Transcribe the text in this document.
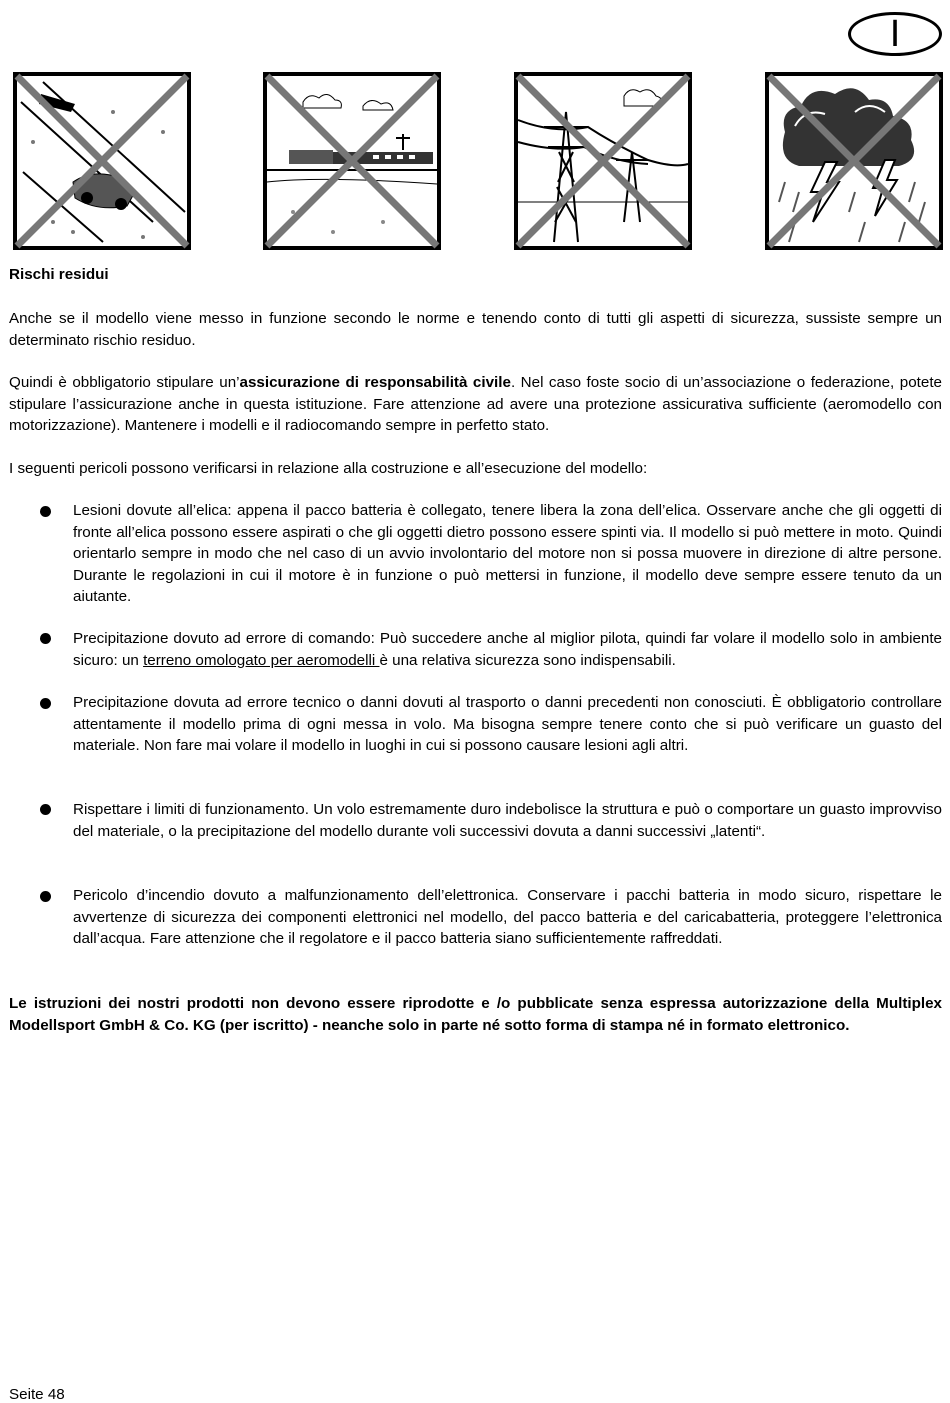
I
Rischi residui
Anche se il modello viene messo in funzione secondo le norme e tenendo conto di tutti gli aspetti di sicurezza, sussiste sempre un determinato rischio residuo.
Quindi è obbligatorio stipulare un’assicurazione di responsabilità civile. Nel caso foste socio di un’associazione o federazione, potete stipulare l’assicurazione anche in questa istituzione. Fare attenzione ad avere una protezione assicurativa sufficiente (aeromodello con motorizzazione). Mantenere i modelli e il radiocomando sempre in perfetto stato.
I seguenti pericoli possono verificarsi in relazione alla costruzione e all’esecuzione del modello:
Lesioni dovute all’elica: appena il pacco batteria è collegato, tenere libera la zona dell’elica. Osservare anche che gli oggetti di fronte all’elica possono essere aspirati o che gli oggetti dietro possono essere spinti via. Il modello si può mettere in moto. Quindi orientarlo sempre in modo che nel caso di un avvio involontario del motore non si possa muovere in direzione di altre persone. Durante le regolazioni in cui il motore è in funzione o può mettersi in funzione, il modello deve sempre essere tenuto da un aiutante.
Precipitazione dovuto ad errore di comando: Può succedere anche al miglior pilota, quindi far volare il modello solo in ambiente sicuro: un terreno omologato per aeromodelli è una relativa sicurezza sono indispensabili.
Precipitazione dovuta ad errore tecnico o danni dovuti al trasporto o danni precedenti non conosciuti. È obbligatorio controllare attentamente il modello prima di ogni messa in volo. Ma bisogna sempre tenere conto che si può verificare un guasto del materiale. Non fare mai volare il modello in luoghi in cui si possono causare lesioni agli altri.
Rispettare i limiti di funzionamento. Un volo estremamente duro indebolisce la struttura e può o comportare un guasto improvviso del materiale, o la precipitazione del modello durante voli successivi dovuta a danni successivi „latenti“.
Pericolo d’incendio dovuto a malfunzionamento dell’elettronica. Conservare i pacchi batteria in modo sicuro, rispettare le avvertenze di sicurezza dei componenti elettronici nel modello, del pacco batteria e del caricabatteria, proteggere l’elettronica dall’acqua. Fare attenzione che il regolatore e il pacco batteria siano sufficientemente raffreddati.
Le istruzioni dei nostri prodotti non devono essere riprodotte e /o pubblicate senza espressa autorizzazione della Multiplex Modellsport GmbH & Co. KG (per iscritto) - neanche solo in parte né sotto forma di stampa né in formato elettronico.
Seite 48
